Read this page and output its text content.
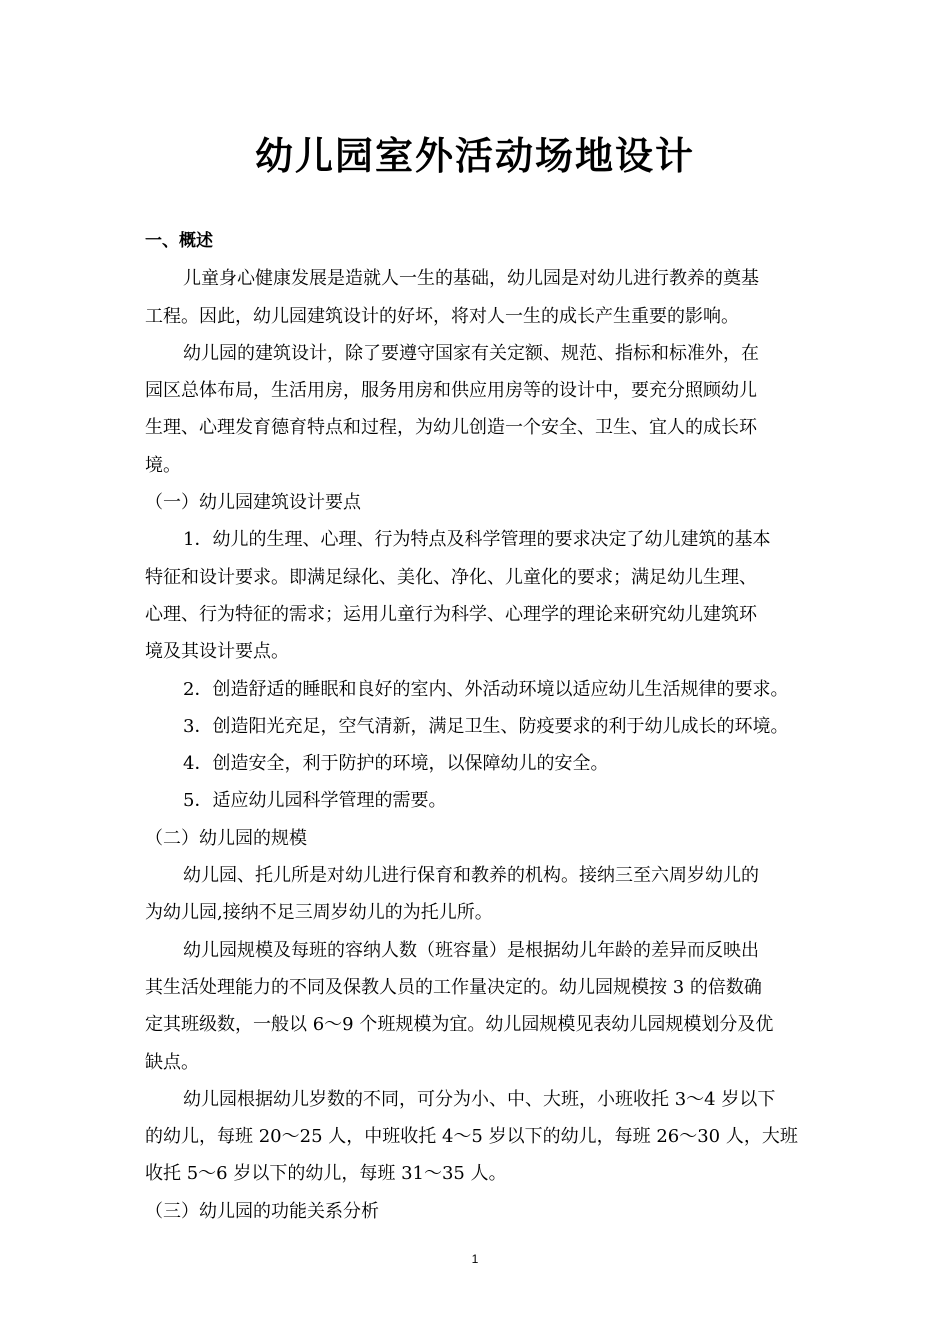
幼儿园室外活动场地设计
一、概述
儿童身心健康发展是造就人一生的基础，幼儿园是对幼儿进行教养的奠基
工程。因此，幼儿园建筑设计的好坏，将对人一生的成长产生重要的影响。
幼儿园的建筑设计，除了要遵守国家有关定额、规范、指标和标准外，在
园区总体布局，生活用房，服务用房和供应用房等的设计中，要充分照顾幼儿
生理、心理发育德育特点和过程，为幼儿创造一个安全、卫生、宜人的成长环
境。
（一）幼儿园建筑设计要点
1．幼儿的生理、心理、行为特点及科学管理的要求决定了幼儿建筑的基本
特征和设计要求。即满足绿化、美化、净化、儿童化的要求；满足幼儿生理、
心理、行为特征的需求；运用儿童行为科学、心理学的理论来研究幼儿建筑环
境及其设计要点。
2．创造舒适的睡眠和良好的室内、外活动环境以适应幼儿生活规律的要求。
3．创造阳光充足，空气清新，满足卫生、防疫要求的利于幼儿成长的环境。
4．创造安全，利于防护的环境，以保障幼儿的安全。
5．适应幼儿园科学管理的需要。
（二）幼儿园的规模
幼儿园、托儿所是对幼儿进行保育和教养的机构。接纳三至六周岁幼儿的
为幼儿园,接纳不足三周岁幼儿的为托儿所。
幼儿园规模及每班的容纳人数（班容量）是根据幼儿年龄的差异而反映出
其生活处理能力的不同及保教人员的工作量决定的。幼儿园规模按 3 的倍数确
定其班级数，一般以 6～9 个班规模为宜。幼儿园规模见表幼儿园规模划分及优
缺点。
幼儿园根据幼儿岁数的不同，可分为小、中、大班，小班收托 3～4 岁以下
的幼儿，每班 20～25 人，中班收托 4～5 岁以下的幼儿，每班 26～30 人，大班
收托 5～6 岁以下的幼儿，每班 31～35 人。
（三）幼儿园的功能关系分析
1
